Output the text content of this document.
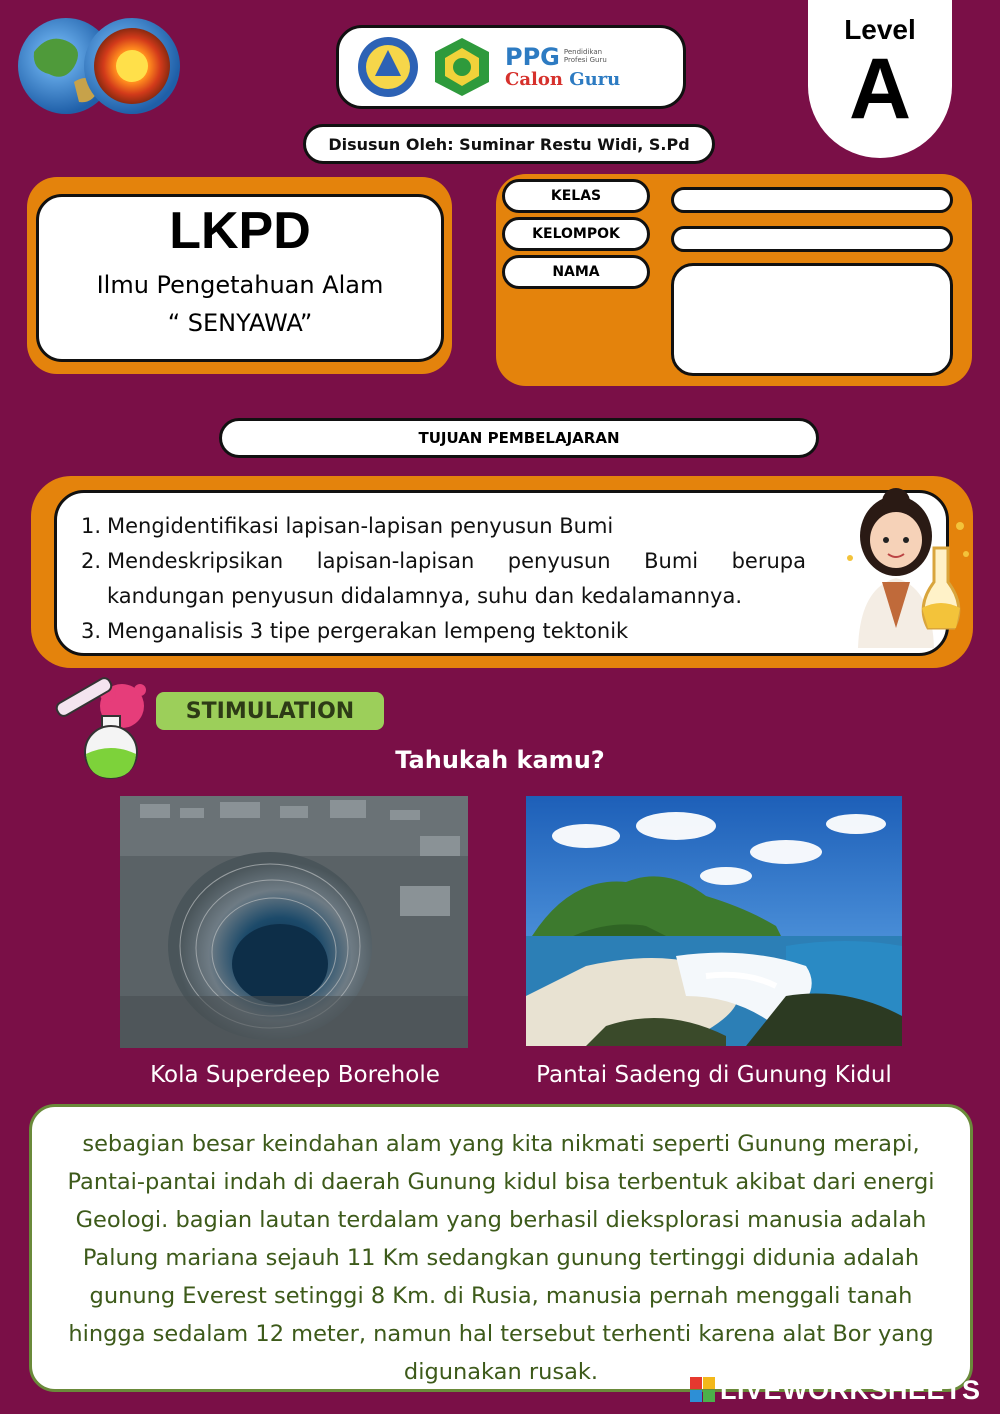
PPG Pendidikan Profesi Guru
Calon Guru
Disusun Oleh: Suminar Restu Widi, S.Pd
Level
A
LKPD
Ilmu Pengetahuan Alam
“ SENYAWA”
KELAS
KELOMPOK
NAMA
TUJUAN PEMBELAJARAN
1. Mengidentifikasi lapisan-lapisan penyusun Bumi
2. Mendeskripsikan lapisan-lapisan penyusun Bumi berupa kandungan penyusun didalamnya, suhu dan kedalamannya.
3. Menganalisis 3 tipe pergerakan lempeng tektonik
STIMULATION
Tahukah kamu?
Kola Superdeep Borehole	Pantai Sadeng di Gunung Kidul

sebagian besar keindahan alam yang kita nikmati seperti Gunung merapi, Pantai-pantai indah di daerah Gunung kidul bisa terbentuk akibat dari energi Geologi. bagian lautan terdalam yang berhasil dieksplorasi manusia adalah Palung mariana sejauh 11 Km sedangkan gunung tertinggi didunia adalah gunung Everest setinggi 8 Km. di Rusia, manusia pernah menggali tanah hingga sedalam 12 meter, namun hal tersebut terhenti karena alat Bor yang digunakan rusak.

LIVEWORKSHEETS
